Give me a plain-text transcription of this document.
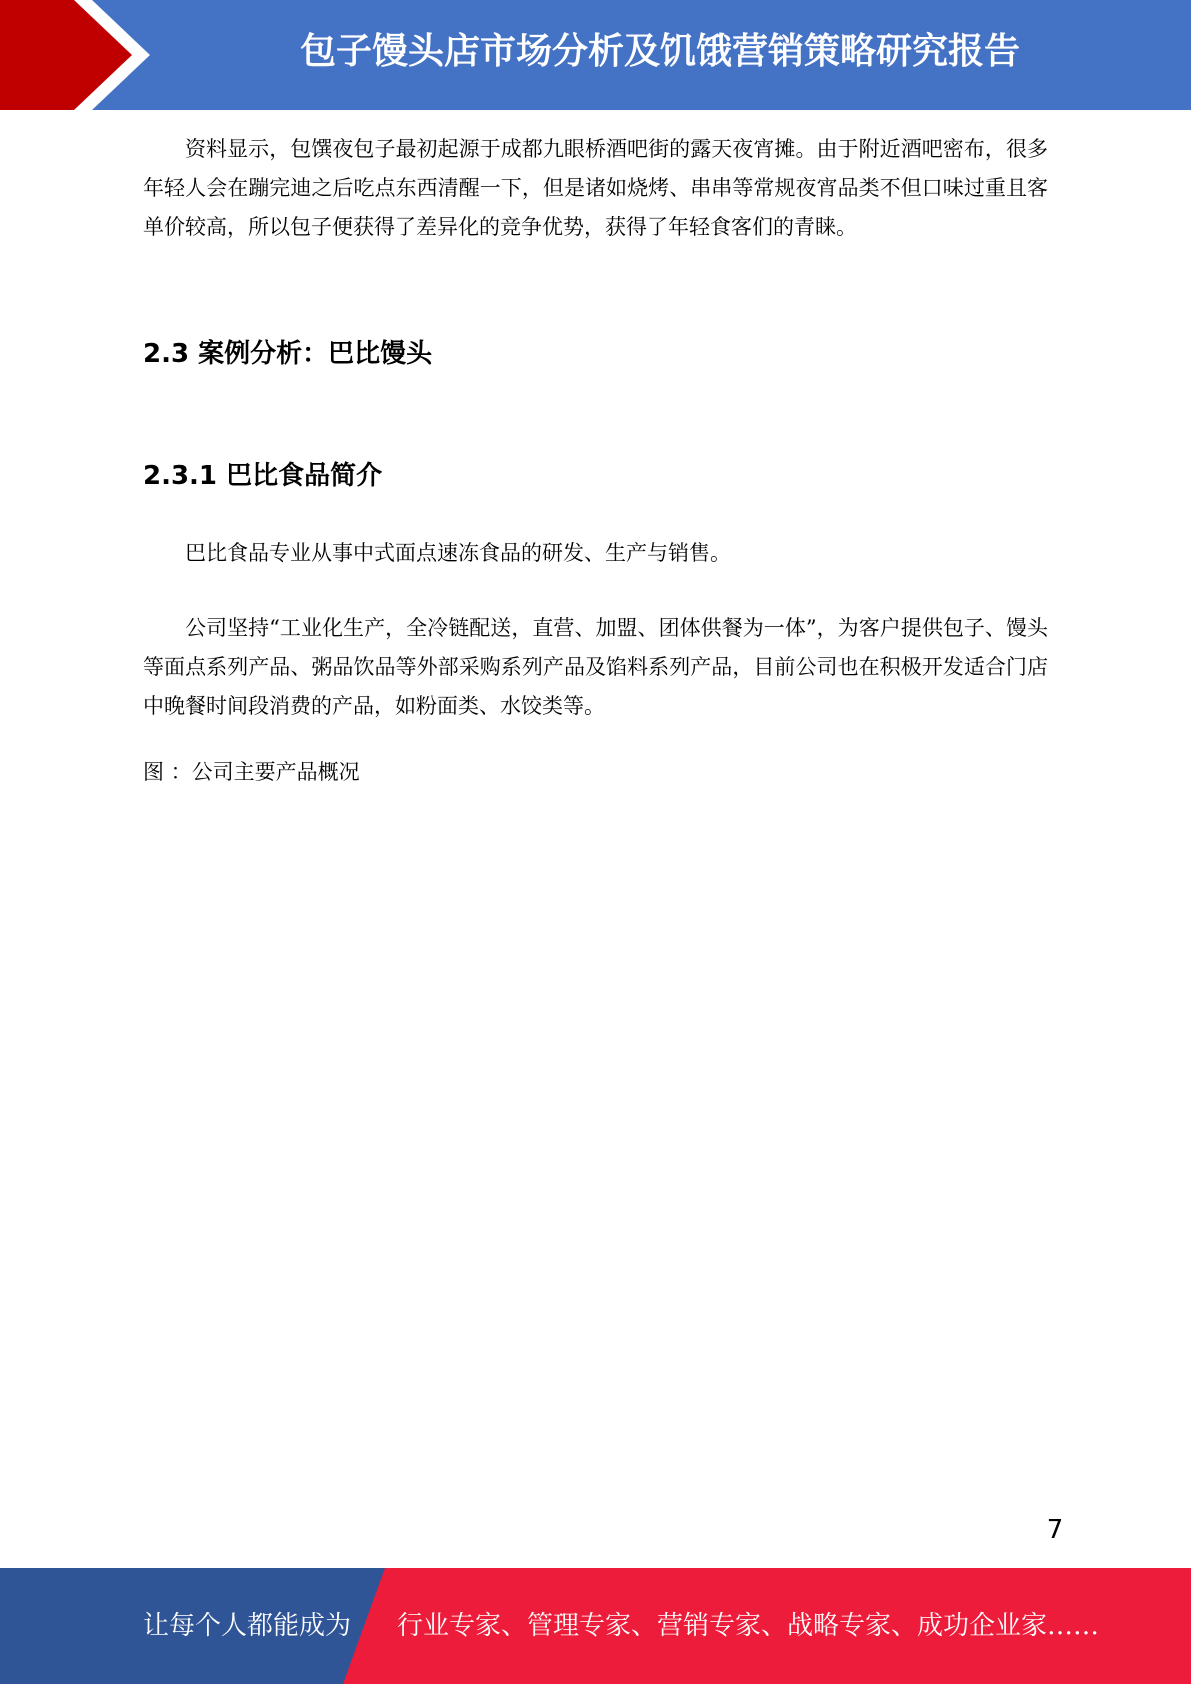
包子馒头店市场分析及饥饿营销策略研究报告

资料显示，包馔夜包子最初起源于成都九眼桥酒吧街的露天夜宵摊。由于附近酒吧密布，很多年轻人会在蹦完迪之后吃点东西清醒一下，但是诸如烧烤、串串等常规夜宵品类不但口味过重且客单价较高，所以包子便获得了差异化的竞争优势，获得了年轻食客们的青睐。

2.3 案例分析：巴比馒头
2.3.1 巴比食品简介

巴比食品专业从事中式面点速冻食品的研发、生产与销售。

公司坚持“工业化生产，全冷链配送，直营、加盟、团体供餐为一体”，为客户提供包子、馒头等面点系列产品、粥品饮品等外部采购系列产品及馅料系列产品，目前公司也在积极开发适合门店中晚餐时间段消费的产品，如粉面类、水饺类等。

图 ：公司主要产品概况
7
让每个人都能成为 行业专家、管理专家、营销专家、战略专家、成功企业家……
